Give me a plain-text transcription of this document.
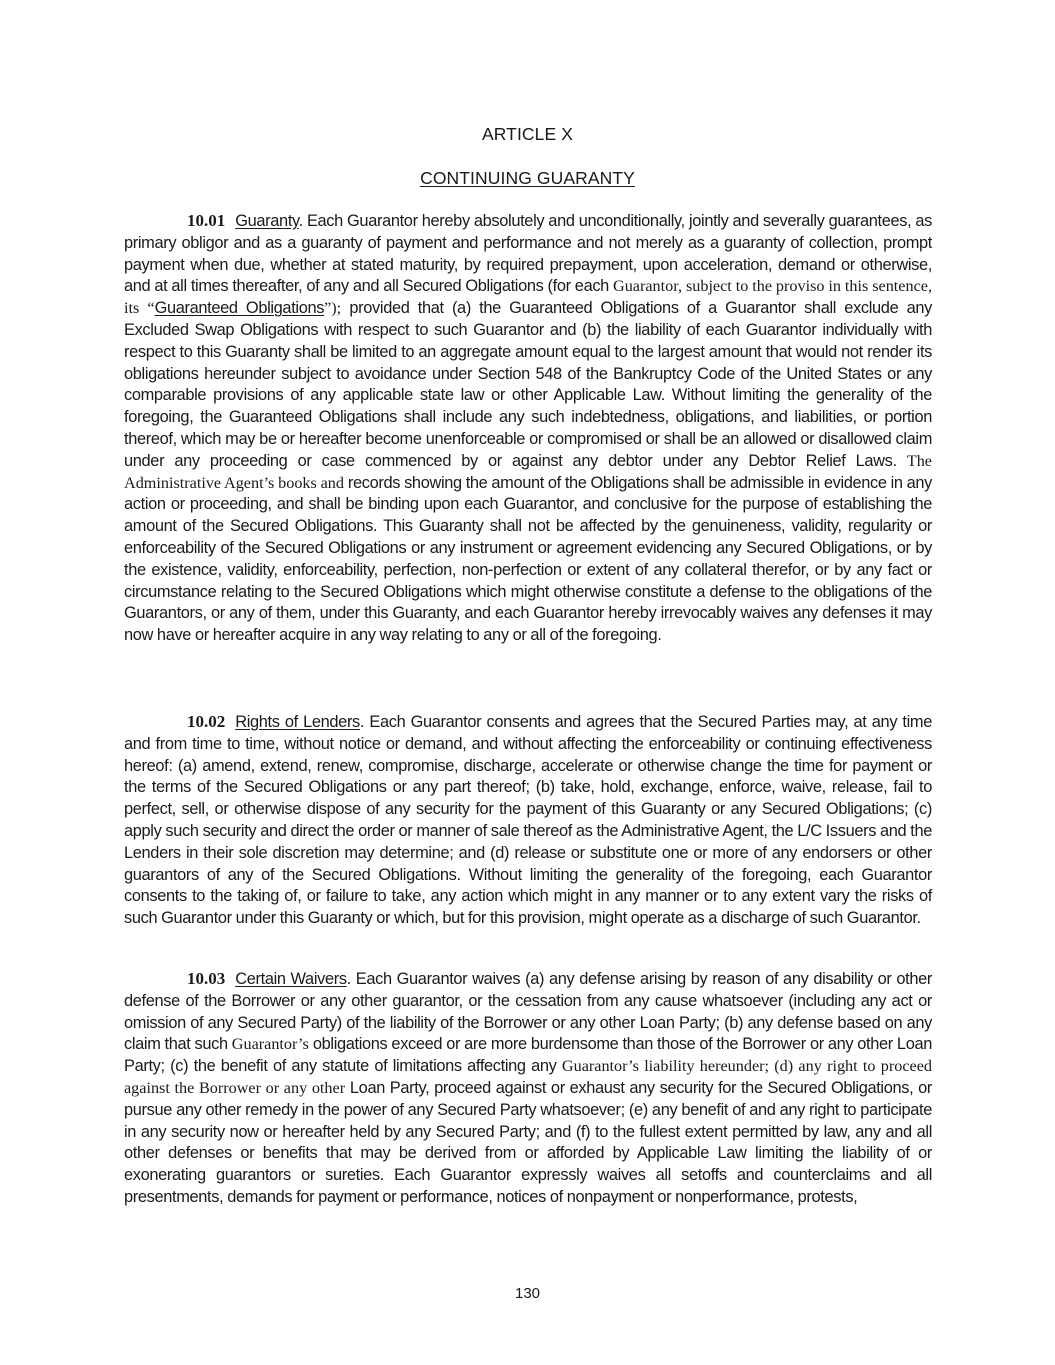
ARTICLE X
CONTINUING GUARANTY
10.01 Guaranty. Each Guarantor hereby absolutely and unconditionally, jointly and severally guarantees, as primary obligor and as a guaranty of payment and performance and not merely as a guaranty of collection, prompt payment when due, whether at stated maturity, by required prepayment, upon acceleration, demand or otherwise, and at all times thereafter, of any and all Secured Obligations (for each Guarantor, subject to the proviso in this sentence, its “Guaranteed Obligations”); provided that (a) the Guaranteed Obligations of a Guarantor shall exclude any Excluded Swap Obligations with respect to such Guarantor and (b) the liability of each Guarantor individually with respect to this Guaranty shall be limited to an aggregate amount equal to the largest amount that would not render its obligations hereunder subject to avoidance under Section 548 of the Bankruptcy Code of the United States or any comparable provisions of any applicable state law or other Applicable Law. Without limiting the generality of the foregoing, the Guaranteed Obligations shall include any such indebtedness, obligations, and liabilities, or portion thereof, which may be or hereafter become unenforceable or compromised or shall be an allowed or disallowed claim under any proceeding or case commenced by or against any debtor under any Debtor Relief Laws. The Administrative Agent’s books and records showing the amount of the Obligations shall be admissible in evidence in any action or proceeding, and shall be binding upon each Guarantor, and conclusive for the purpose of establishing the amount of the Secured Obligations. This Guaranty shall not be affected by the genuineness, validity, regularity or enforceability of the Secured Obligations or any instrument or agreement evidencing any Secured Obligations, or by the existence, validity, enforceability, perfection, non-perfection or extent of any collateral therefor, or by any fact or circumstance relating to the Secured Obligations which might otherwise constitute a defense to the obligations of the Guarantors, or any of them, under this Guaranty, and each Guarantor hereby irrevocably waives any defenses it may now have or hereafter acquire in any way relating to any or all of the foregoing.
10.02 Rights of Lenders. Each Guarantor consents and agrees that the Secured Parties may, at any time and from time to time, without notice or demand, and without affecting the enforceability or continuing effectiveness hereof: (a) amend, extend, renew, compromise, discharge, accelerate or otherwise change the time for payment or the terms of the Secured Obligations or any part thereof; (b) take, hold, exchange, enforce, waive, release, fail to perfect, sell, or otherwise dispose of any security for the payment of this Guaranty or any Secured Obligations; (c) apply such security and direct the order or manner of sale thereof as the Administrative Agent, the L/C Issuers and the Lenders in their sole discretion may determine; and (d) release or substitute one or more of any endorsers or other guarantors of any of the Secured Obligations. Without limiting the generality of the foregoing, each Guarantor consents to the taking of, or failure to take, any action which might in any manner or to any extent vary the risks of such Guarantor under this Guaranty or which, but for this provision, might operate as a discharge of such Guarantor.
10.03 Certain Waivers. Each Guarantor waives (a) any defense arising by reason of any disability or other defense of the Borrower or any other guarantor, or the cessation from any cause whatsoever (including any act or omission of any Secured Party) of the liability of the Borrower or any other Loan Party; (b) any defense based on any claim that such Guarantor’s obligations exceed or are more burdensome than those of the Borrower or any other Loan Party; (c) the benefit of any statute of limitations affecting any Guarantor’s liability hereunder; (d) any right to proceed against the Borrower or any other Loan Party, proceed against or exhaust any security for the Secured Obligations, or pursue any other remedy in the power of any Secured Party whatsoever; (e) any benefit of and any right to participate in any security now or hereafter held by any Secured Party; and (f) to the fullest extent permitted by law, any and all other defenses or benefits that may be derived from or afforded by Applicable Law limiting the liability of or exonerating guarantors or sureties. Each Guarantor expressly waives all setoffs and counterclaims and all presentments, demands for payment or performance, notices of nonpayment or nonperformance, protests,
130
